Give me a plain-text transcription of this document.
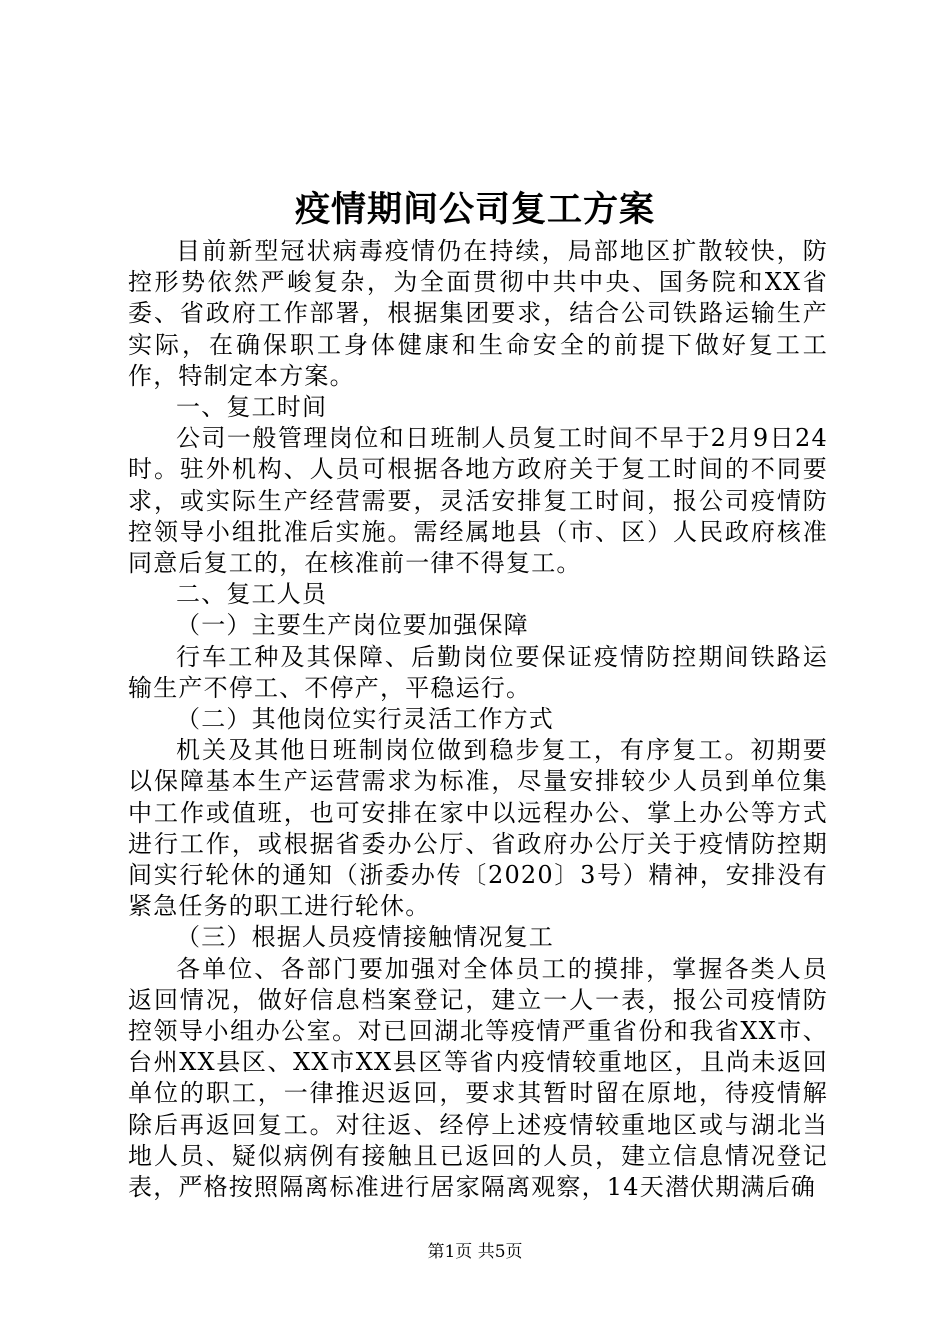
疫情期间公司复工方案

目前新型冠状病毒疫情仍在持续，局部地区扩散较快，防控形势依然严峻复杂，为全面贯彻中共中央、国务院和XX省委、省政府工作部署，根据集团要求，结合公司铁路运输生产实际，在确保职工身体健康和生命安全的前提下做好复工工作，特制定本方案。

一、复工时间

公司一般管理岗位和日班制人员复工时间不早于2月9日24时。驻外机构、人员可根据各地方政府关于复工时间的不同要求，或实际生产经营需要，灵活安排复工时间，报公司疫情防控领导小组批准后实施。需经属地县（市、区）人民政府核准同意后复工的，在核准前一律不得复工。

二、复工人员

（一）主要生产岗位要加强保障

行车工种及其保障、后勤岗位要保证疫情防控期间铁路运输生产不停工、不停产，平稳运行。

（二）其他岗位实行灵活工作方式

机关及其他日班制岗位做到稳步复工，有序复工。初期要以保障基本生产运营需求为标准，尽量安排较少人员到单位集中工作或值班，也可安排在家中以远程办公、掌上办公等方式进行工作，或根据省委办公厅、省政府办公厅关于疫情防控期间实行轮休的通知（浙委办传〔2020〕3号）精神，安排没有紧急任务的职工进行轮休。

（三）根据人员疫情接触情况复工

各单位、各部门要加强对全体员工的摸排，掌握各类人员返回情况，做好信息档案登记，建立一人一表，报公司疫情防控领导小组办公室。对已回湖北等疫情严重省份和我省XX市、台州XX县区、XX市XX县区等省内疫情较重地区，且尚未返回单位的职工，一律推迟返回，要求其暂时留在原地，待疫情解除后再返回复工。对往返、经停上述疫情较重地区或与湖北当地人员、疑似病例有接触且已返回的人员，建立信息情况登记表，严格按照隔离标准进行居家隔离观察，14天潜伏期满后确

第1页 共5页
